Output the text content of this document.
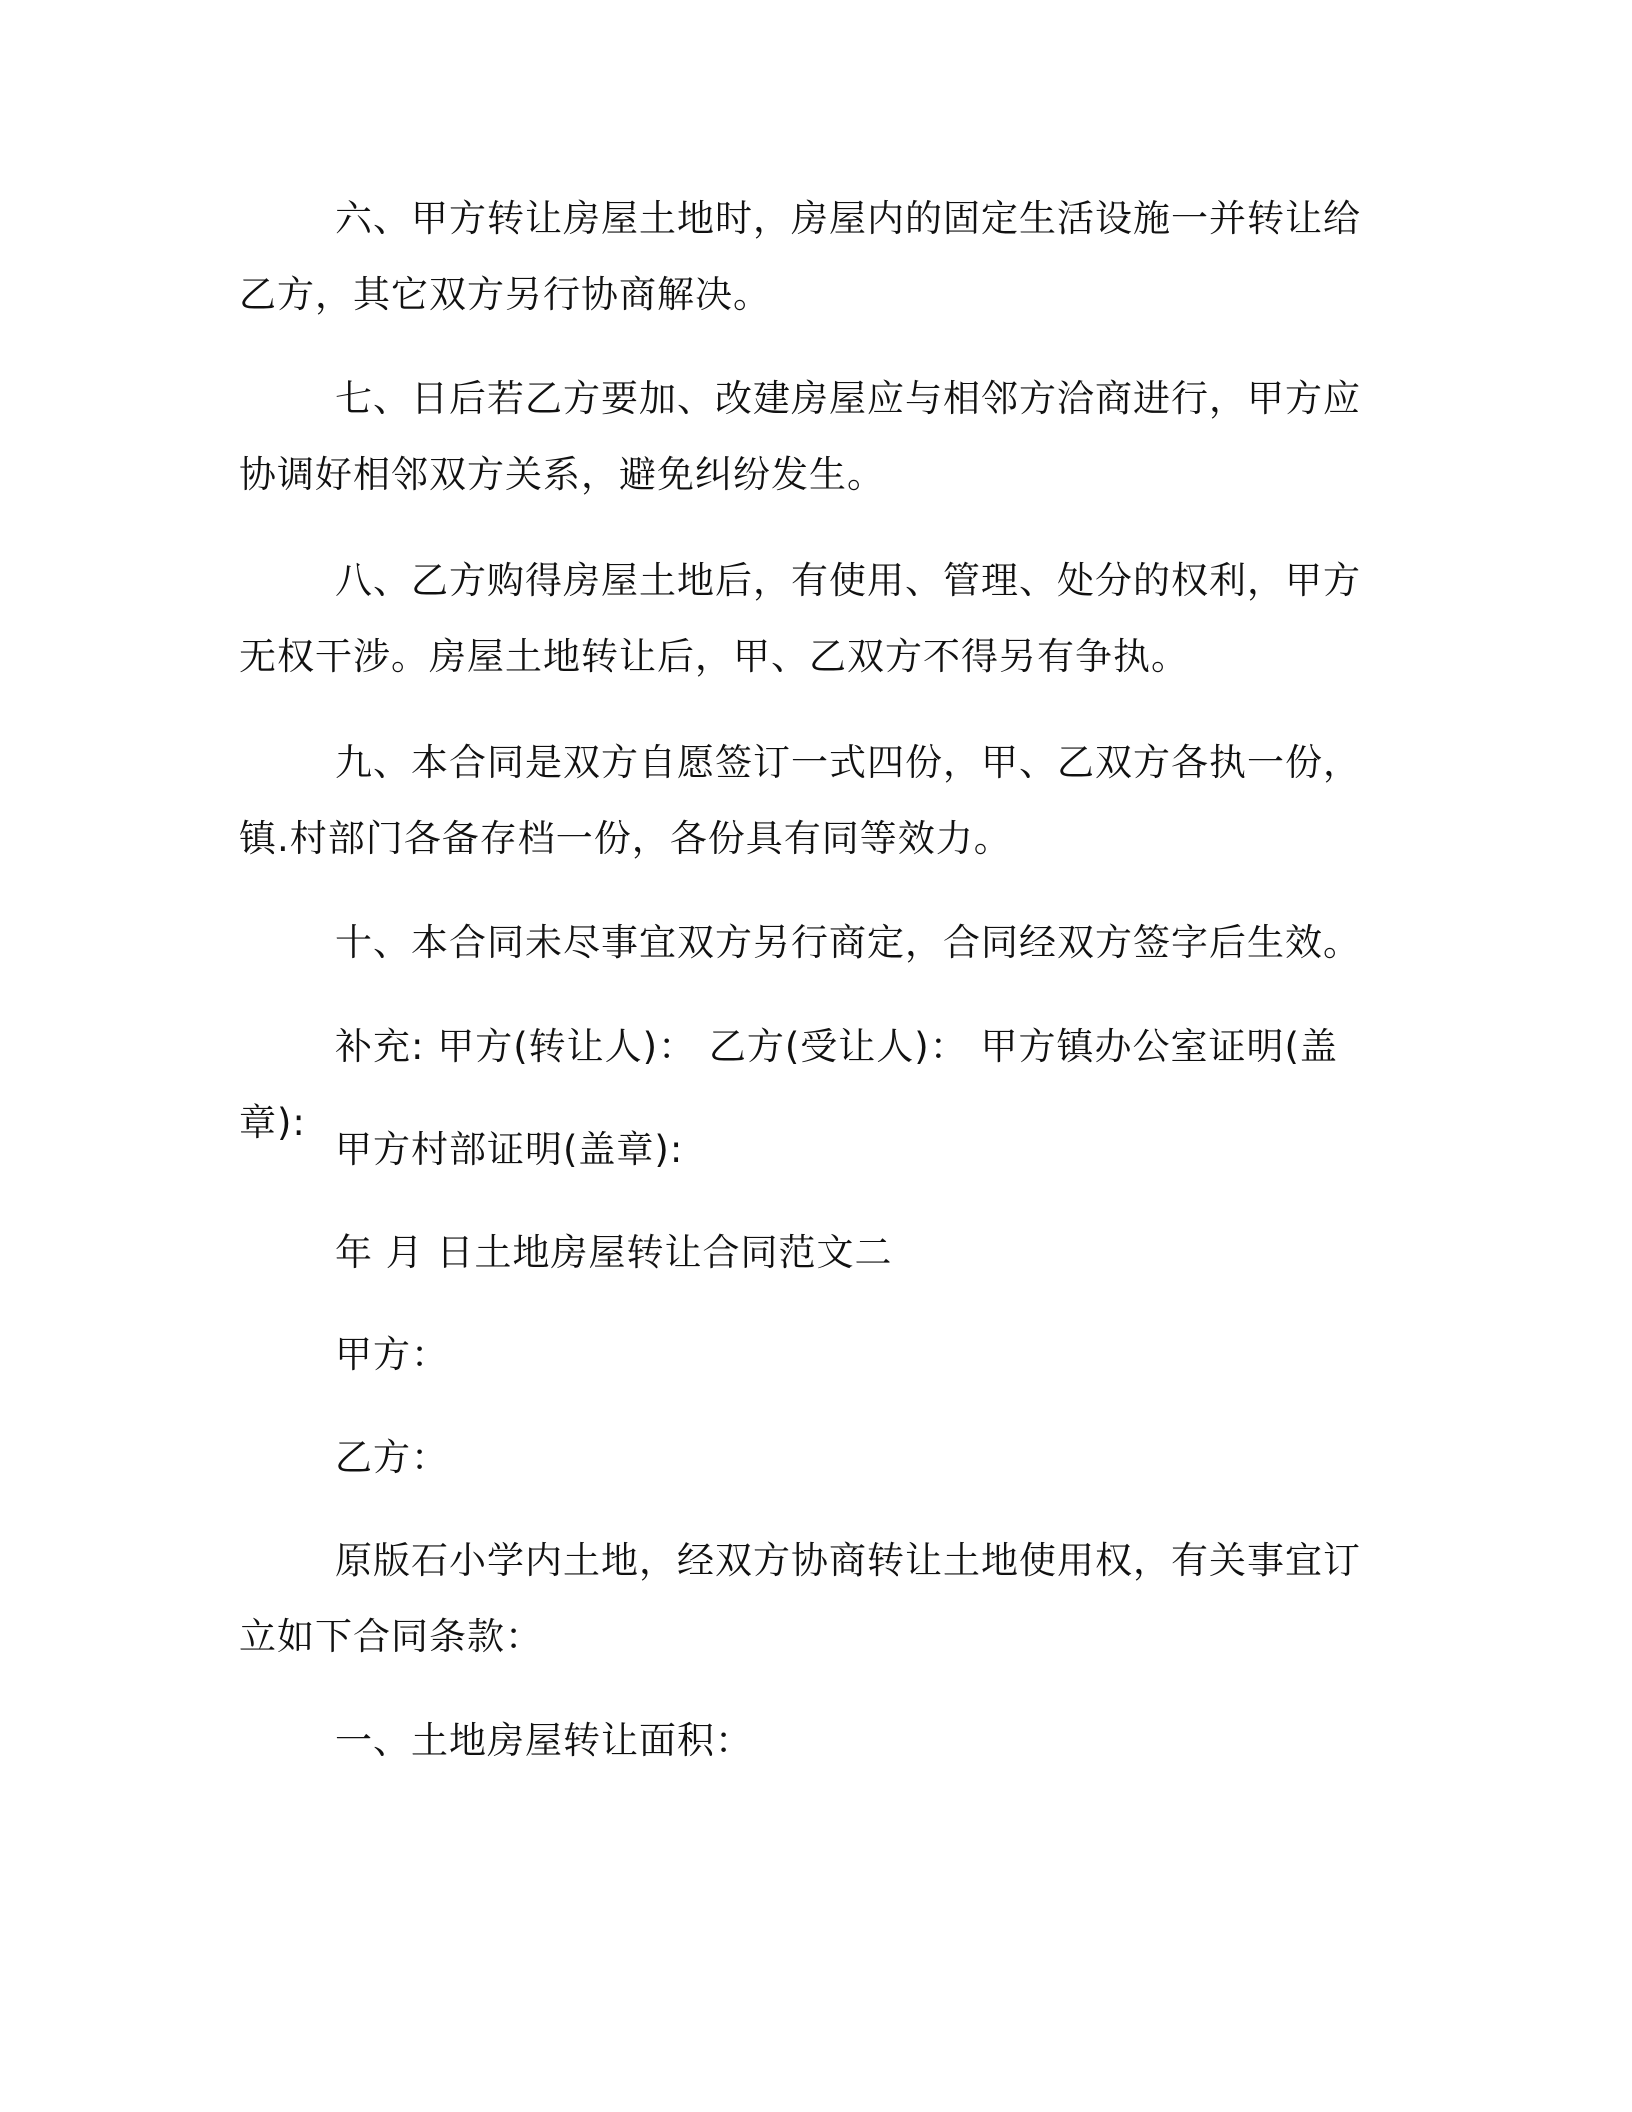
六、甲方转让房屋土地时，房屋内的固定生活设施一并转让给乙方，其它双方另行协商解决。

七、日后若乙方要加、改建房屋应与相邻方洽商进行，甲方应协调好相邻双方关系，避免纠纷发生。

八、乙方购得房屋土地后，有使用、管理、处分的权利，甲方无权干涉。房屋土地转让后，甲、乙双方不得另有争执。

九、本合同是双方自愿签订一式四份，甲、乙双方各执一份，镇.村部门各备存档一份，各份具有同等效力。

十、本合同未尽事宜双方另行商定，合同经双方签字后生效。

补充: 甲方(转让人)： 乙方(受让人)： 甲方镇办公室证明(盖章):

甲方村部证明(盖章):

年 月 日土地房屋转让合同范文二

甲方：

乙方：

原版石小学内土地，经双方协商转让土地使用权，有关事宜订立如下合同条款：

一、土地房屋转让面积：
